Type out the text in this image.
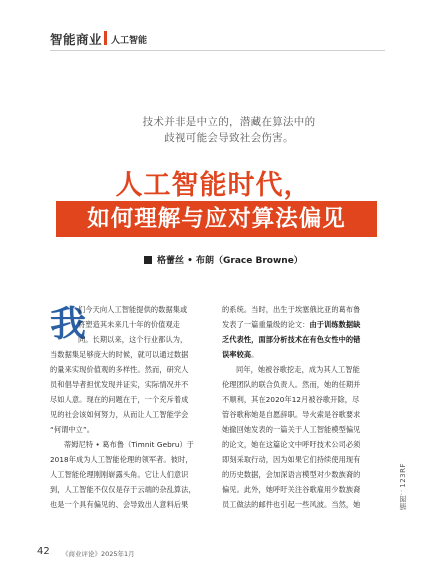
智能商业 人工智能
技术并非是中立的，潜藏在算法中的
歧视可能会导致社会伤害。
人工智能时代，
如何理解与应对算法偏见
格蕾丝 • 布朗（Grace Browne）
我
们今天向人工智能提供的数据集或
将塑造其未来几十年的价值观走
向。长期以来，这个行业都认为，
当数据集足够庞大的时候，就可以通过数据
的量来实现价值观的多样性。然而，研究人
员和倡导者担忧发现并证实，实际情况并不
尽如人意。现在的问题在于，一个充斥着成
见的社会该如何努力，从而让人工智能学会
“何谓中立”。
蒂姆尼特 • 葛布鲁（Timnit Gebru）于
2018年成为人工智能伦理的领军者。彼时，
人工智能伦理刚刚崭露头角。它让人们意识
到，人工智能不仅仅是存于云端的杂乱算法，
也是一个具有偏见的、会导致出人意料后果
的系统。当时，出生于埃塞俄比亚的葛布鲁
发表了一篇重量级的论文：由于训练数据缺
乏代表性，面部分析技术在有色女性中的错
误率较高。
同年，她被谷歌挖走，成为其人工智能
伦理团队的联合负责人。然而，她的任期并
不顺利，其在2020年12月被谷歌开除，尽
管谷歌称她是自愿辞职。导火索是谷歌要求
她撤回她发表的一篇关于人工智能模型偏见
的论文，她在这篇论文中呼吁技术公司必须
即刻采取行动，因为如果它们持续使用现有
的历史数据，会加深语言模型对少数族裔的
偏见。此外，她呼吁关注谷歌雇用少数族裔
员工做法的邮件也引起一些风波。当然，她	插图：123RF
42 《商业评论》2025年1月
